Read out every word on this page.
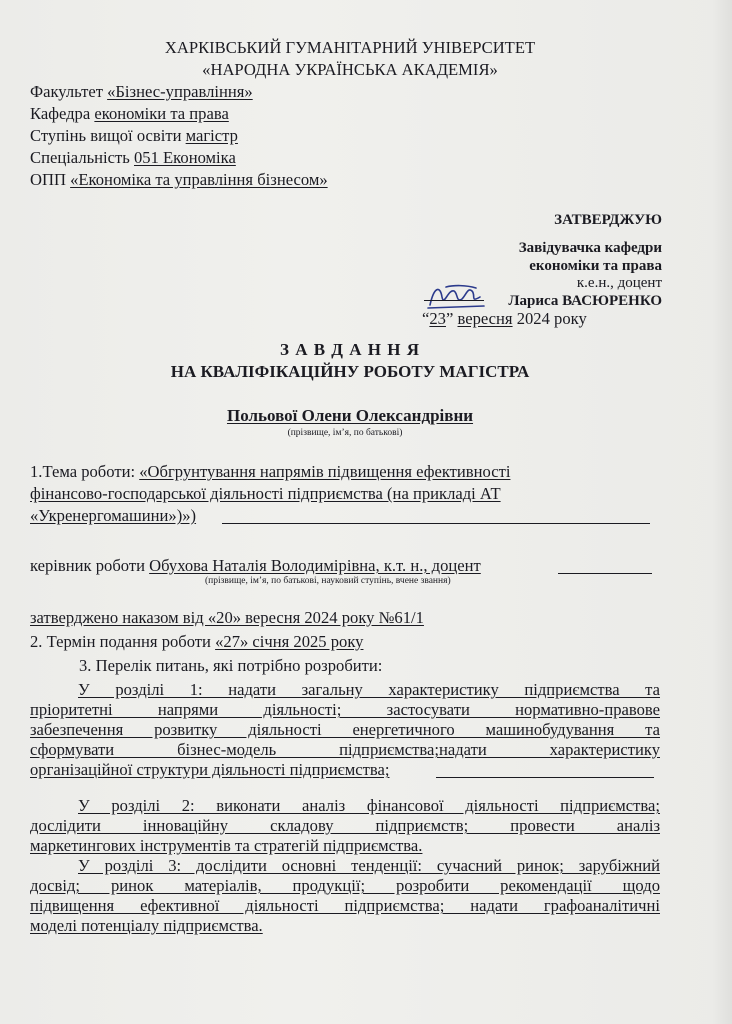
ХАРКІВСЬКИЙ ГУМАНІТАРНИЙ УНІВЕРСИТЕТ
«НАРОДНА УКРАЇНСЬКА АКАДЕМІЯ»
Факультет «Бізнес-управління»
Кафедра економіки та права
Ступінь вищої освіти магістр
Спеціальність 051 Економіка
ОПП «Економіка та управління бізнесом»
ЗАТВЕРДЖУЮ
Завідувачка кафедри
економіки та права
к.е.н., доцент
Лариса ВАСЮРЕНКО
“23” вересня 2024 року
З А В Д А Н Н Я
НА КВАЛІФІКАЦІЙНУ РОБОТУ МАГІСТРА
Польової Олени Олександрівни
(прізвище, ім’я, по батькові)
1.Тема роботи: «Обгрунтування напрямів підвищення ефективності
фінансово-господарської діяльності підприємства (на прикладі АТ
«Укренергомашини»)»)
керівник роботи Обухова Наталія Володимірівна, к.т. н., доцент
(прізвище, ім’я, по батькові, науковий ступінь, вчене звання)
затверджено наказом від «20» вересня 2024 року №61/1
2. Термін подання роботи «27» січня 2025 року
3. Перелік питань, які потрібно розробити:
У розділі 1: надати загальну характеристику підприємства та
пріоритетні напрями діяльності; застосувати нормативно-правове
забезпечення розвитку діяльності енергетичного машинобудування та
сформувати бізнес-модель підприємства;надати характеристику
організаційної структури діяльності підприємства;
У розділі 2: виконати аналіз фінансової діяльності підприємства;
дослідити інноваційну складову підприємств; провести аналіз
маркетингових інструментів та стратегій підприємства.
У розділі 3: дослідити основні тенденції: сучасний ринок; зарубіжний
досвід; ринок матеріалів, продукції; розробити рекомендації щодо
підвищення ефективної діяльності підприємства; надати графоаналітичні
моделі потенціалу підприємства.
